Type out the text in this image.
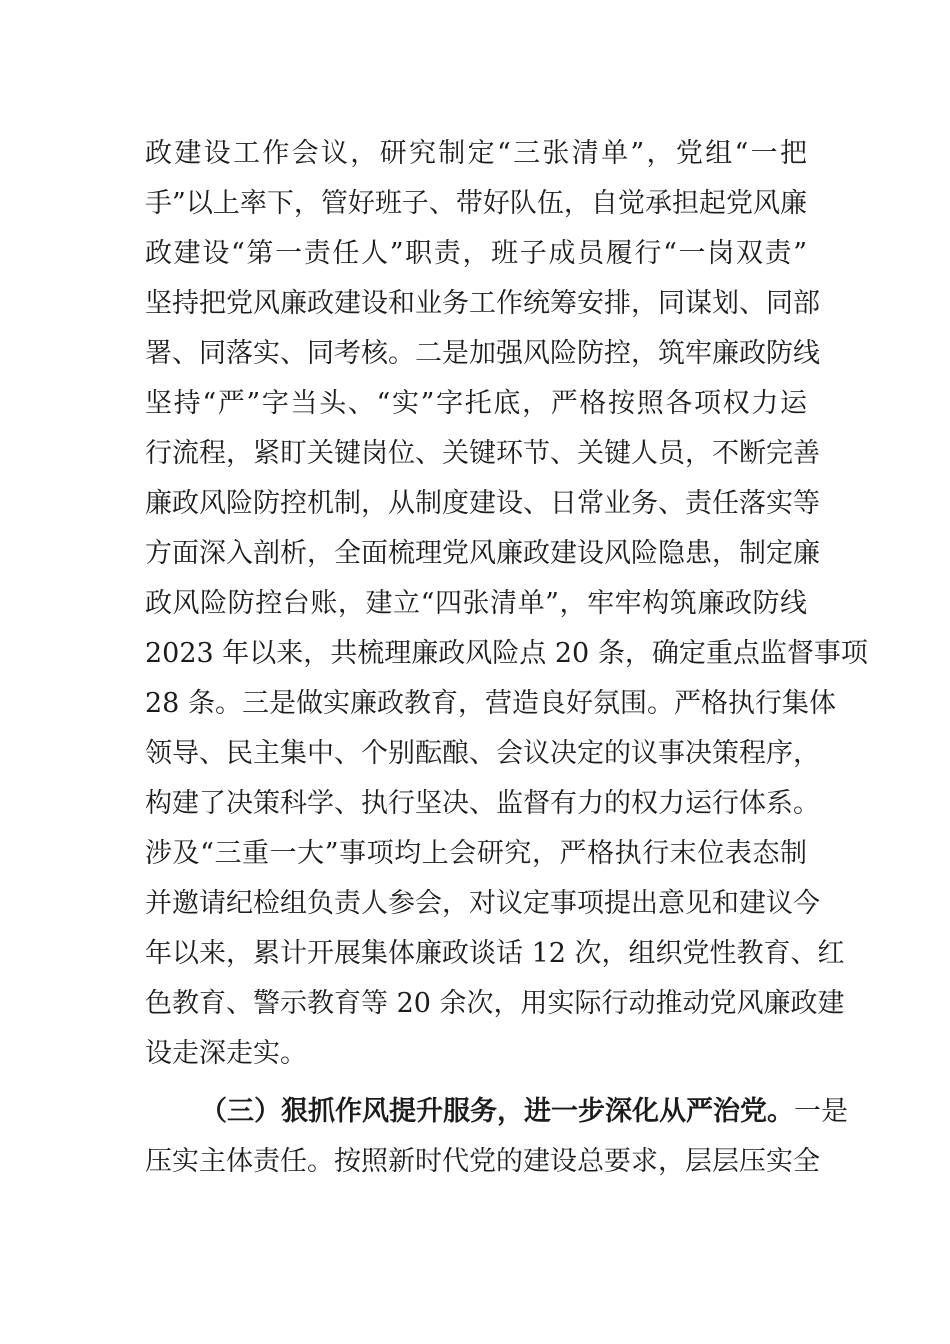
政建设工作会议，研究制定“三张清单”，党组“一把
手”以上率下，管好班子、带好队伍，自觉承担起党风廉
政建设“第一责任人”职责，班子成员履行“一岗双责”
坚持把党风廉政建设和业务工作统筹安排，同谋划、同部
署、同落实、同考核。二是加强风险防控，筑牢廉政防线
坚持“严”字当头、“实”字托底，严格按照各项权力运
行流程，紧盯关键岗位、关键环节、关键人员，不断完善
廉政风险防控机制，从制度建设、日常业务、责任落实等
方面深入剖析，全面梳理党风廉政建设风险隐患，制定廉
政风险防控台账，建立“四张清单”，牢牢构筑廉政防线
2023 年以来，共梳理廉政风险点 20 条，确定重点监督事项
28 条。三是做实廉政教育，营造良好氛围。严格执行集体
领导、民主集中、个别酝酿、会议决定的议事决策程序，
构建了决策科学、执行坚决、监督有力的权力运行体系。
涉及“三重一大”事项均上会研究，严格执行末位表态制
并邀请纪检组负责人参会，对议定事项提出意见和建议今
年以来，累计开展集体廉政谈话 12 次，组织党性教育、红
色教育、警示教育等 20 余次，用实际行动推动党风廉政建
设走深走实。
（三）狠抓作风提升服务，进一步深化从严治党。一是
压实主体责任。按照新时代党的建设总要求，层层压实全
